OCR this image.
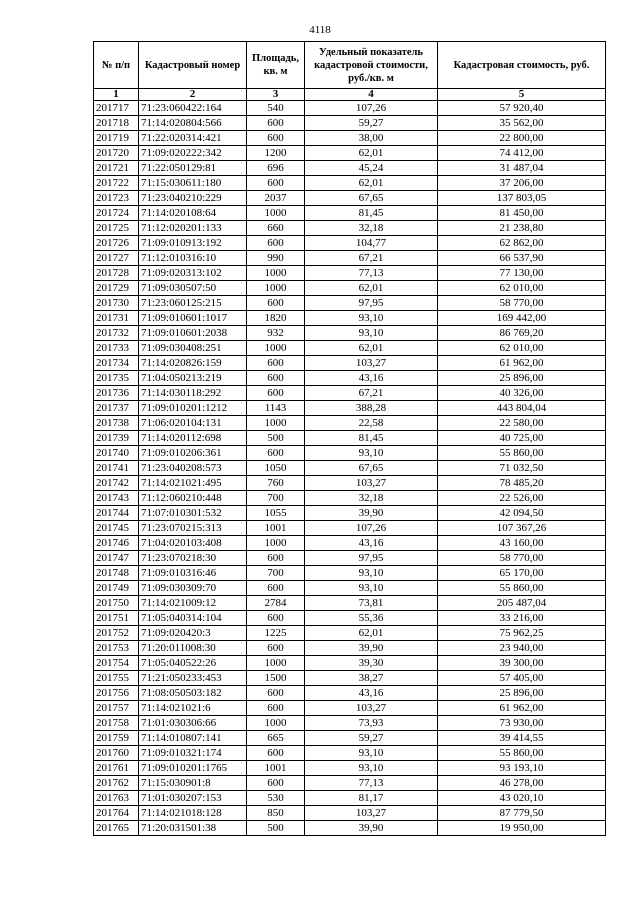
4118
№ п/п	Кадастровый номер	Площадь, кв. м	Удельный показатель кадастровой стоимости, руб./кв. м	Кадастровая стоимость, руб.
1	2	3	4	5
201717	71:23:060422:164	540	107,26	57 920,40
201718	71:14:020804:566	600	59,27	35 562,00
201719	71:22:020314:421	600	38,00	22 800,00
201720	71:09:020222:342	1200	62,01	74 412,00
201721	71:22:050129:81	696	45,24	31 487,04
201722	71:15:030611:180	600	62,01	37 206,00
201723	71:23:040210:229	2037	67,65	137 803,05
201724	71:14:020108:64	1000	81,45	81 450,00
201725	71:12:020201:133	660	32,18	21 238,80
201726	71:09:010913:192	600	104,77	62 862,00
201727	71:12:010316:10	990	67,21	66 537,90
201728	71:09:020313:102	1000	77,13	77 130,00
201729	71:09:030507:50	1000	62,01	62 010,00
201730	71:23:060125:215	600	97,95	58 770,00
201731	71:09:010601:1017	1820	93,10	169 442,00
201732	71:09:010601:2038	932	93,10	86 769,20
201733	71:09:030408:251	1000	62,01	62 010,00
201734	71:14:020826:159	600	103,27	61 962,00
201735	71:04:050213:219	600	43,16	25 896,00
201736	71:14:030118:292	600	67,21	40 326,00
201737	71:09:010201:1212	1143	388,28	443 804,04
201738	71:06:020104:131	1000	22,58	22 580,00
201739	71:14:020112:698	500	81,45	40 725,00
201740	71:09:010206:361	600	93,10	55 860,00
201741	71:23:040208:573	1050	67,65	71 032,50
201742	71:14:021021:495	760	103,27	78 485,20
201743	71:12:060210:448	700	32,18	22 526,00
201744	71:07:010301:532	1055	39,90	42 094,50
201745	71:23:070215:313	1001	107,26	107 367,26
201746	71:04:020103:408	1000	43,16	43 160,00
201747	71:23:070218:30	600	97,95	58 770,00
201748	71:09:010316:46	700	93,10	65 170,00
201749	71:09:030309:70	600	93,10	55 860,00
201750	71:14:021009:12	2784	73,81	205 487,04
201751	71:05:040314:104	600	55,36	33 216,00
201752	71:09:020420:3	1225	62,01	75 962,25
201753	71:20:011008:30	600	39,90	23 940,00
201754	71:05:040522:26	1000	39,30	39 300,00
201755	71:21:050233:453	1500	38,27	57 405,00
201756	71:08:050503:182	600	43,16	25 896,00
201757	71:14:021021:6	600	103,27	61 962,00
201758	71:01:030306:66	1000	73,93	73 930,00
201759	71:14:010807:141	665	59,27	39 414,55
201760	71:09:010321:174	600	93,10	55 860,00
201761	71:09:010201:1765	1001	93,10	93 193,10
201762	71:15:030901:8	600	77,13	46 278,00
201763	71:01:030207:153	530	81,17	43 020,10
201764	71:14:021018:128	850	103,27	87 779,50
201765	71:20:031501:38	500	39,90	19 950,00
